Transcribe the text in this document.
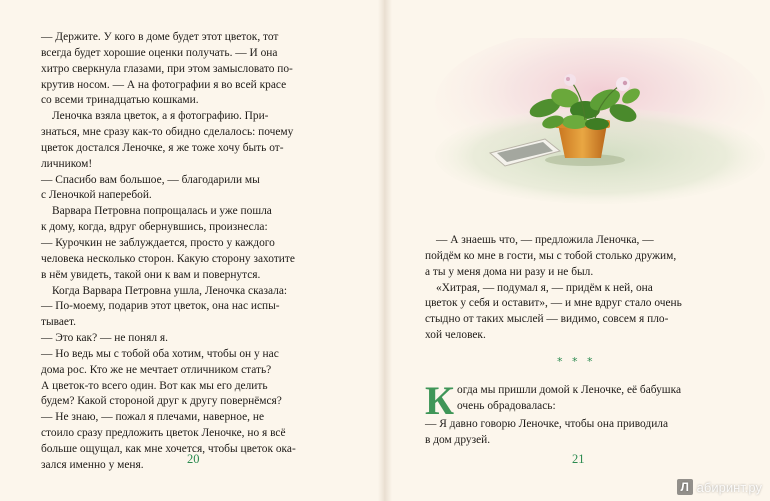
— Держите. У кого в доме будет этот цветок, тот

всегда будет хорошие оценки получать. — И она

хитро сверкнула глазами, при этом замысловато по-

крутив носом. — А на фотографии я во всей красе

со всеми тринадцатью кошками.

Леночка взяла цветок, а я фотографию. При-

знаться, мне сразу как-то обидно сделалось: почему

цветок достался Леночке, я же тоже хочу быть от-

личником!

— Спасибо вам большое, — благодарили мы

с Леночкой наперебой.

Варвара Петровна попрощалась и уже пошла

к дому, когда, вдруг обернувшись, произнесла:

— Курочкин не заблуждается, просто у каждого

человека несколько сторон. Какую сторону захотите

в нём увидеть, такой они к вам и повернутся.

Когда Варвара Петровна ушла, Леночка сказала:

— По-моему, подарив этот цветок, она нас испы-

тывает.

— Это как? — не понял я.

— Но ведь мы с тобой оба хотим, чтобы он у нас

дома рос. Кто же не мечтает отличником стать?

А цветок-то всего один. Вот как мы его делить

будем? Какой стороной друг к другу повернёмся?

— Не знаю, — пожал я плечами, наверное, не

стоило сразу предложить цветок Леночке, но я всё

больше ощущал, как мне хочется, чтобы цветок ока-

зался именно у меня.	20

— А знаешь что, — предложила Леночка, —

пойдём ко мне в гости, мы с тобой столько дружим,

а ты у меня дома ни разу и не был.

«Хитрая, — подумал я, — придём к ней, она

цветок у себя и оставит», — и мне вдруг стало очень

стыдно от таких мыслей — видимо, совсем я пло-

хой человек.

* * *
К огда мы пришли домой к Леночке, её бабушка

очень обрадовалась:

— Я давно говорю Леночке, чтобы она приводила

в дом друзей.

21
Л абиринт.ру
